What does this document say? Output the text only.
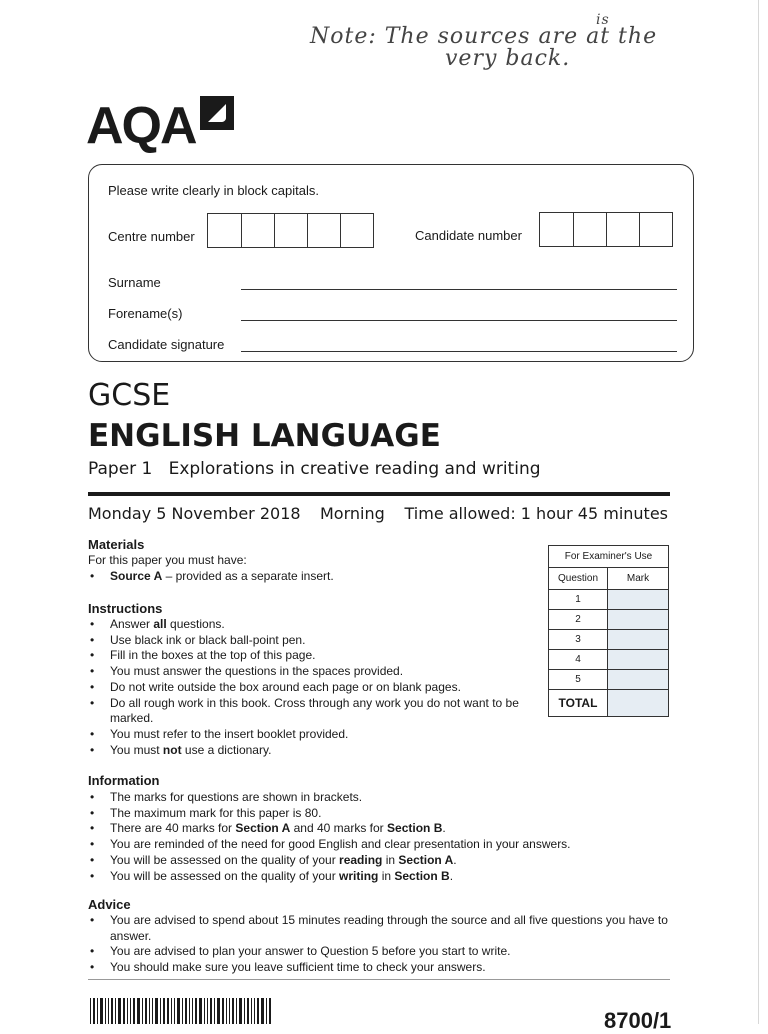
is
Note: The sources are at the
very back.
AQA
Please write clearly in block capitals.
Centre number	Candidate number
Surname
Forename(s)
Candidate signature
GCSE
ENGLISH LANGUAGE
Paper 1   Explorations in creative reading and writing
Monday 5 November 2018 Morning Time allowed: 1 hour 45 minutes
Materials
For this paper you must have:
• Source A – provided as a separate insert.
Instructions
• Answer all questions.
• Use black ink or black ball-point pen.
• Fill in the boxes at the top of this page.
• You must answer the questions in the spaces provided.
• Do not write outside the box around each page or on blank pages.
• Do all rough work in this book. Cross through any work you do not want to be marked.
• You must refer to the insert booklet provided.
• You must not use a dictionary.
For Examiner's Use	
Question	Mark
1	
2	
3	
4	
5	
TOTAL	
Information
• The marks for questions are shown in brackets.
• The maximum mark for this paper is 80.
• There are 40 marks for Section A and 40 marks for Section B.
• You are reminded of the need for good English and clear presentation in your answers.
• You will be assessed on the quality of your reading in Section A.
• You will be assessed on the quality of your writing in Section B.
Advice
• You are advised to spend about 15 minutes reading through the source and all five questions you have to answer.
• You are advised to plan your answer to Question 5 before you start to write.
• You should make sure you leave sufficient time to check your answers.
8700/1
